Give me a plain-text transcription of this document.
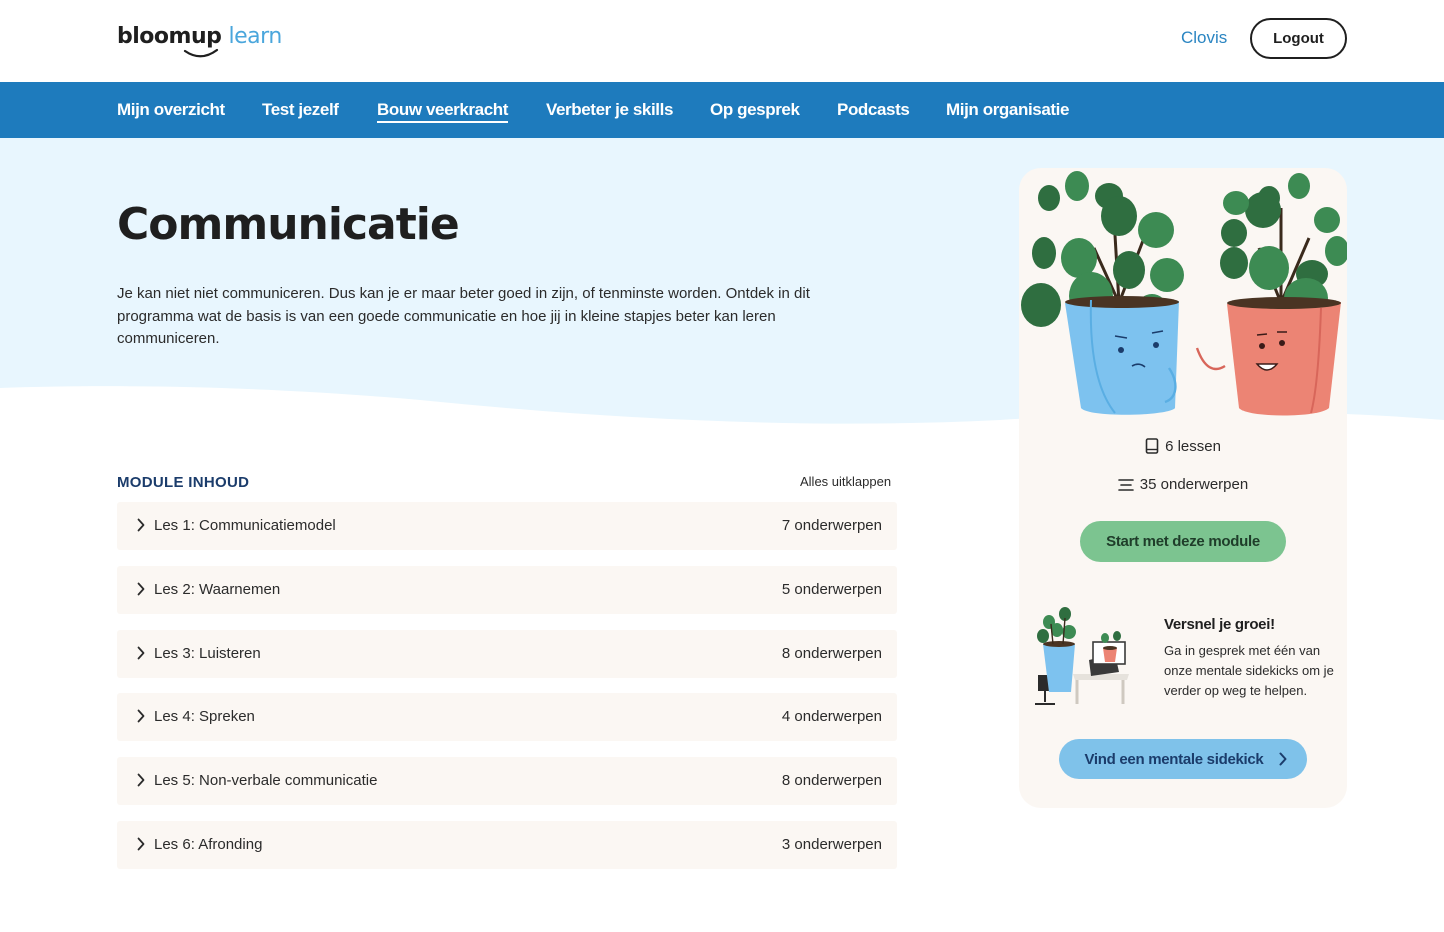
bloomup learn	Clovis	Logout
Mijn overzicht Test jezelf Bouw veerkracht Verbeter je skills Op gesprek Podcasts Mijn organisatie
Communicatie

Je kan niet niet communiceren. Dus kan je er maar beter goed in zijn, of tenminste worden. Ontdek in dit programma wat de basis is van een goede communicatie en hoe jij in kleine stapjes beter kan leren communiceren.

MODULE INHOUD	Alles uitklappen
Les 1: Communicatiemodel	7 onderwerpen
Les 2: Waarnemen	5 onderwerpen
Les 3: Luisteren	8 onderwerpen
Les 4: Spreken	4 onderwerpen
Les 5: Non-verbale communicatie	8 onderwerpen
Les 6: Afronding	3 onderwerpen
6 lessen
35 onderwerpen
Start met deze module
Versnel je groei!
Ga in gesprek met één van onze mentale sidekicks om je verder op weg te helpen.
Vind een mentale sidekick
